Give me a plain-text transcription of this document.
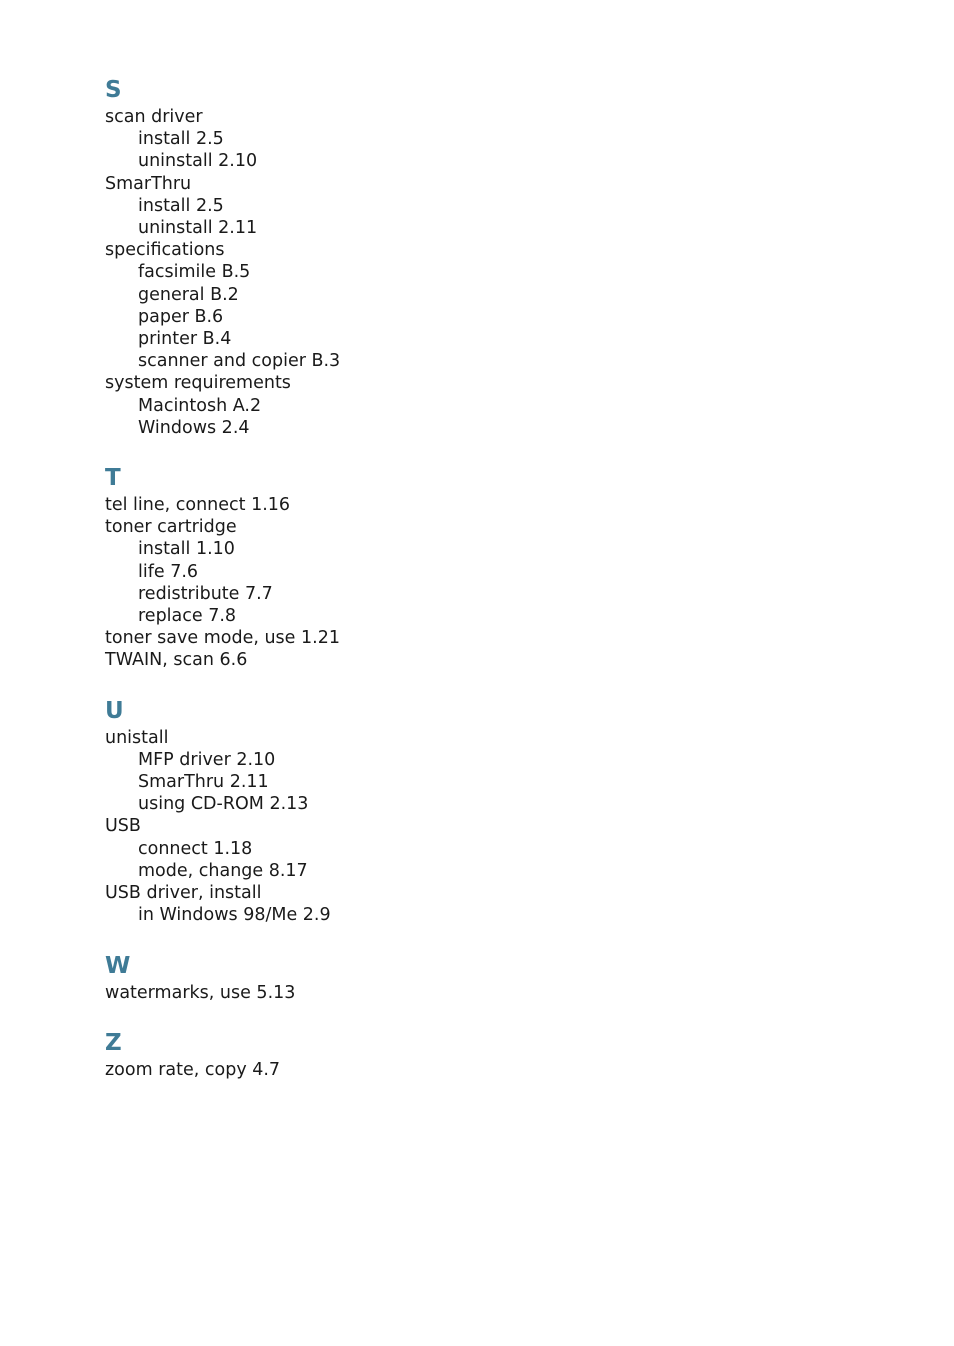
S
scan driver
install 2.5
uninstall 2.10
SmarThru
install 2.5
uninstall 2.11
specifications
facsimile B.5
general B.2
paper B.6
printer B.4
scanner and copier B.3
system requirements
Macintosh A.2
Windows 2.4
T
tel line, connect 1.16
toner cartridge
install 1.10
life 7.6
redistribute 7.7
replace 7.8
toner save mode, use 1.21
TWAIN, scan 6.6
U
unistall
MFP driver 2.10
SmarThru 2.11
using CD-ROM 2.13
USB
connect 1.18
mode, change 8.17
USB driver, install
in Windows 98/Me 2.9
W
watermarks, use 5.13
Z
zoom rate, copy 4.7
